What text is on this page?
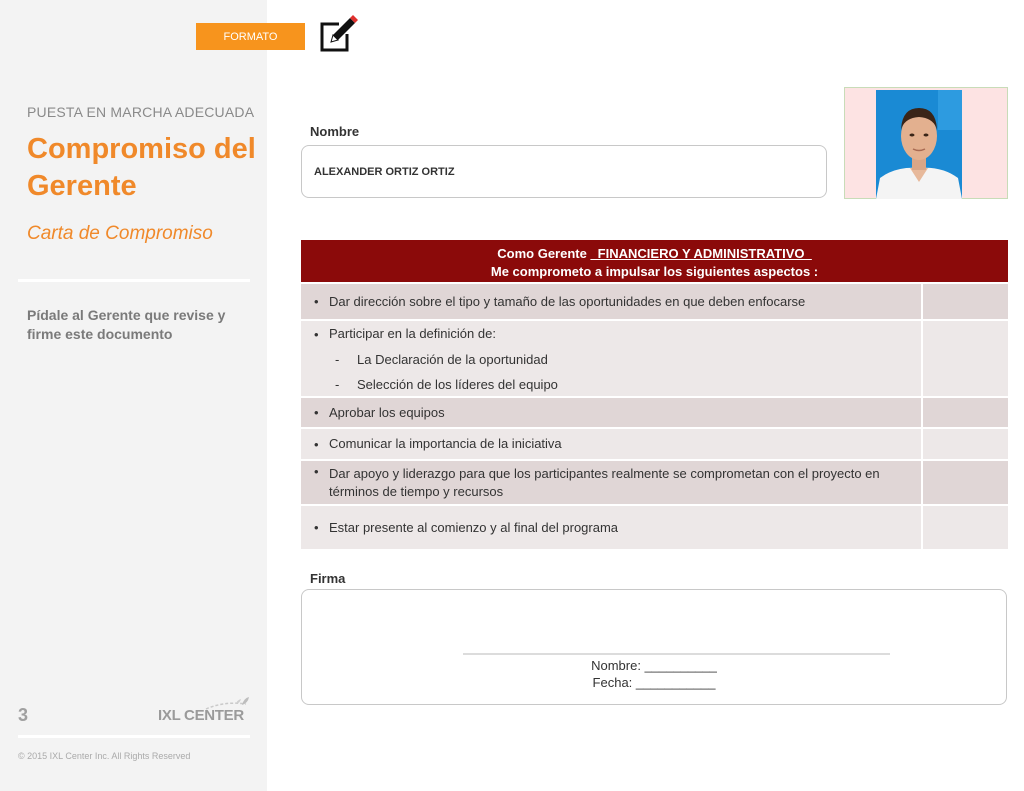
PUESTA EN MARCHA ADECUADA
Compromiso del Gerente
Carta de Compromiso
Pídale al Gerente que revise y firme este documento
3	IXL CENTER
© 2015 IXL Center Inc. All Rights Reserved
FORMATO
Nombre
ALEXANDER ORTIZ ORTIZ
Como Gerente _FINANCIERO Y ADMINISTRATIVO_
Me comprometo a impulsar los siguientes aspectos :
• Dar dirección sobre el tipo y tamaño de las oportunidades en que deben enfocarse
• Participar en la definición de:
- La Declaración de la oportunidad
- Selección de los líderes del equipo
• Aprobar los equipos
• Comunicar la importancia de la iniciativa
• Dar apoyo y liderazgo para que los participantes realmente se comprometan con el proyecto en términos de tiempo y recursos
• Estar presente al comienzo y al final del programa
Firma
Nombre: __________
Fecha: ___________
